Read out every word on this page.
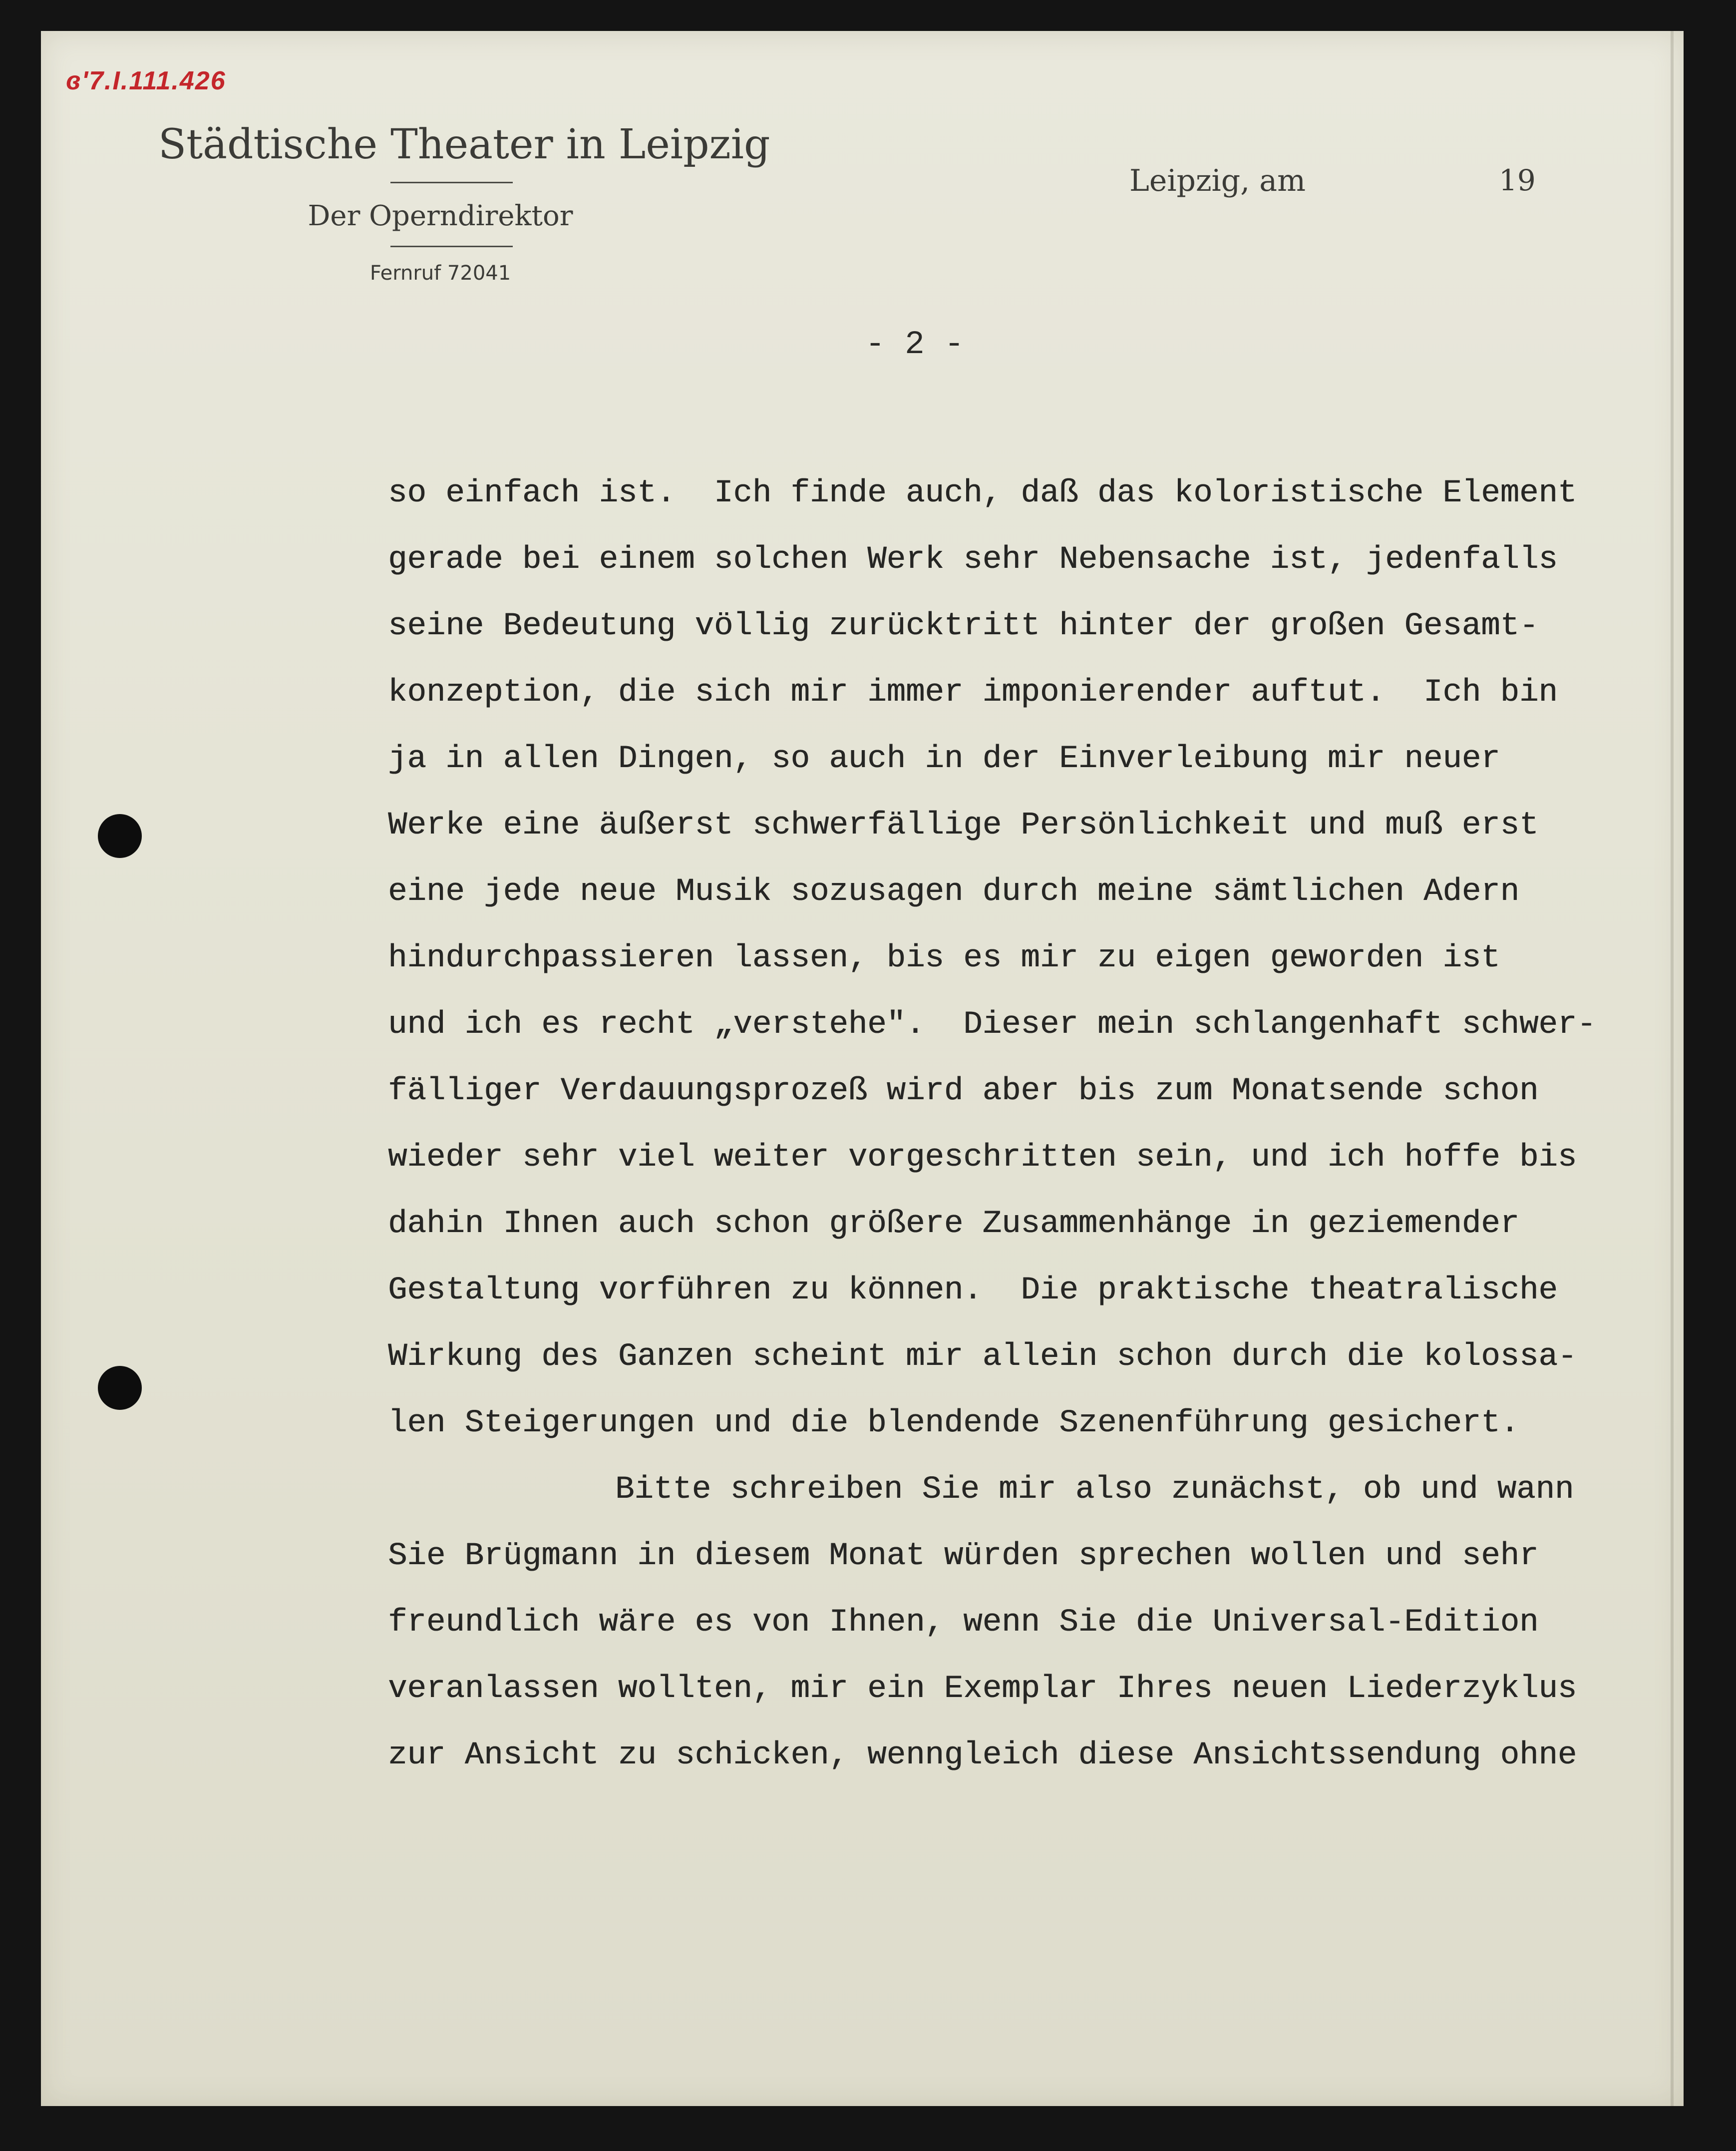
ɞ'7.Ɩ.111.426
Städtische Theater in Leipzig
Der Operndirektor
Fernruf 72041
Leipzig, am	19
- 2 -
so einfach ist.  Ich finde auch, daß das koloristische Element
gerade bei einem solchen Werk sehr Nebensache ist, jedenfalls
seine Bedeutung völlig zurücktritt hinter der großen Gesamt-
konzeption, die sich mir immer imponierender auftut.  Ich bin
ja in allen Dingen, so auch in der Einverleibung mir neuer
Werke eine äußerst schwerfällige Persönlichkeit und muß erst
eine jede neue Musik sozusagen durch meine sämtlichen Adern
hindurchpassieren lassen, bis es mir zu eigen geworden ist
und ich es recht „verstehe".  Dieser mein schlangenhaft schwer-
fälliger Verdauungsprozeß wird aber bis zum Monatsende schon
wieder sehr viel weiter vorgeschritten sein, und ich hoffe bis
dahin Ihnen auch schon größere Zusammenhänge in geziemender
Gestaltung vorführen zu können.  Die praktische theatralische
Wirkung des Ganzen scheint mir allein schon durch die kolossa-
len Steigerungen und die blendende Szenenführung gesichert.
Bitte schreiben Sie mir also zunächst, ob und wann
Sie Brügmann in diesem Monat würden sprechen wollen und sehr
freundlich wäre es von Ihnen, wenn Sie die Universal-Edition
veranlassen wollten, mir ein Exemplar Ihres neuen Liederzyklus
zur Ansicht zu schicken, wenngleich diese Ansichtssendung ohne
